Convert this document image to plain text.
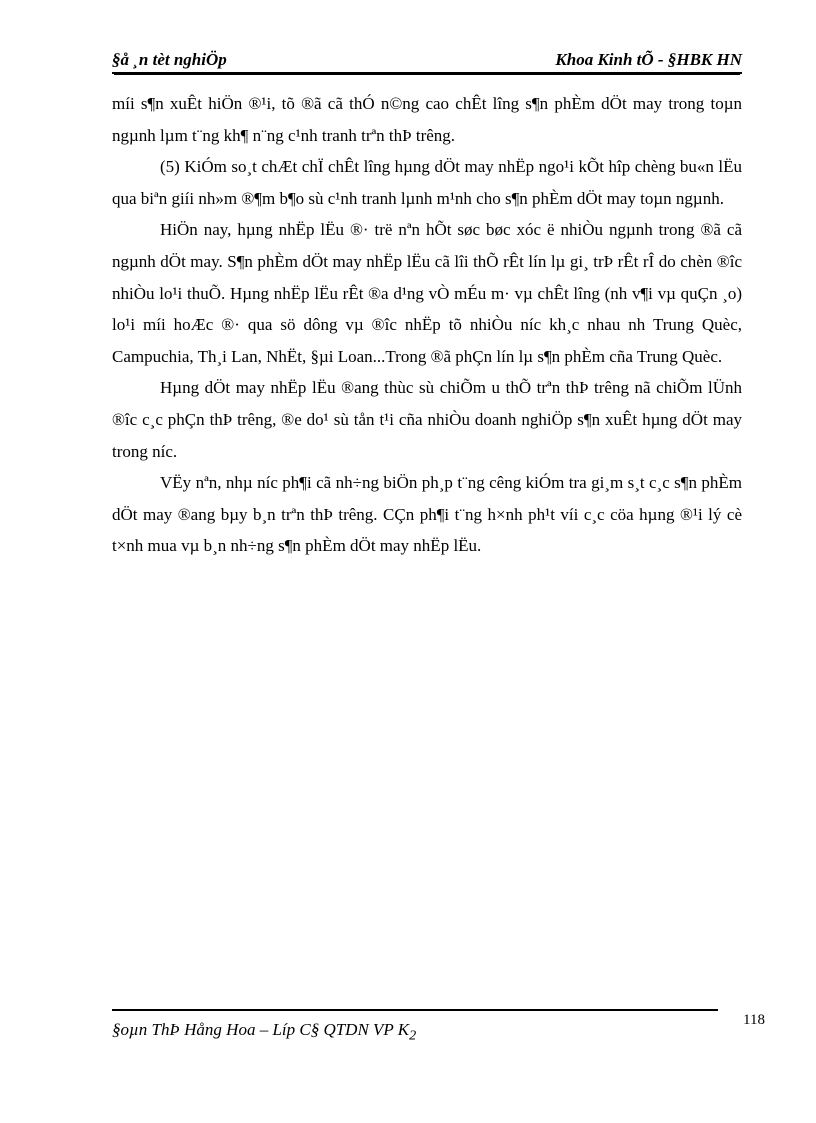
§å ¸n tèt nghiÖp	Khoa Kinh tÕ - §HBK HN

míi s¶n xuÊt hiÖn ®¹i, tõ ®ã cã thÓ n©ng cao chÊt lîng s¶n phÈm dÖt may trong toµn ngµnh lµm t¨ng kh¶ n¨ng c¹nh tranh trªn thÞ trêng.

(5) KiÓm so¸t chÆt chÏ chÊt lîng hµng dÖt may nhËp ngo¹i kÕt hîp chèng bu«n lËu qua biªn giíi nh»m ®¶m b¶o sù c¹nh tranh lµnh m¹nh cho s¶n phÈm dÖt may toµn ngµnh.

HiÖn nay, hµng nhËp lËu ®· trë nªn hÕt søc bøc xóc ë nhiÒu ngµnh trong ®ã cã ngµnh dÖt may. S¶n phÈm dÖt may nhËp lËu cã lîi thÕ rÊt lín lµ gi¸ trÞ rÊt rÎ do chèn ®îc nhiÒu lo¹i thuÕ. Hµng nhËp lËu rÊt ®a d¹ng vÒ mÉu m· vµ chÊt lîng (nh v¶i vµ quÇn ¸o) lo¹i míi hoÆc ®· qua sö dông vµ ®îc nhËp tõ nhiÒu níc kh¸c nhau nh Trung Quèc, Campuchia, Th¸i Lan, NhËt, §µi Loan...Trong ®ã phÇn lín lµ s¶n phÈm cña Trung Quèc.

Hµng dÖt may nhËp lËu ®ang thùc sù chiÕm u thÕ trªn thÞ trêng nã chiÕm lÜnh ®îc c¸c phÇn thÞ trêng, ®e do¹ sù tån t¹i cña nhiÒu doanh nghiÖp s¶n xuÊt hµng dÖt may trong níc.

VËy nªn, nhµ níc ph¶i cã nh÷ng biÖn ph¸p t¨ng cêng kiÓm tra gi¸m s¸t c¸c s¶n phÈm dÖt may ®ang bµy b¸n trªn thÞ trêng. CÇn ph¶i t¨ng h×nh ph¹t víi c¸c cöa hµng ®¹i lý cè t×nh mua vµ b¸n nh÷ng s¶n phÈm dÖt may nhËp lËu.

§oµn ThÞ Hång Hoa – Líp C§ QTDN VP $K_2$
118
